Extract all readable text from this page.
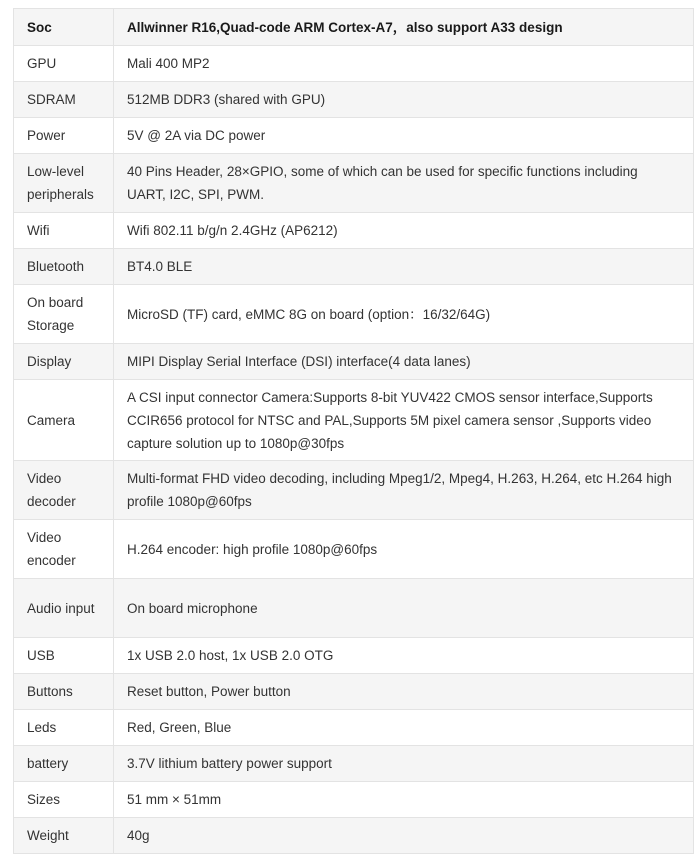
Soc	Allwinner R16,Quad-code ARM Cortex-A7，also support A33 design
GPU	Mali 400 MP2
SDRAM	512MB DDR3 (shared with GPU)
Power	5V @ 2A via DC power
Low-level peripherals	40 Pins Header, 28×GPIO, some of which can be used for specific functions including UART, I2C, SPI, PWM.
Wifi	Wifi 802.11 b/g/n 2.4GHz (AP6212)
Bluetooth	BT4.0 BLE
On board Storage	MicroSD (TF) card, eMMC 8G on board (option：16/32/64G)
Display	MIPI Display Serial Interface (DSI) interface(4 data lanes)
Camera	A CSI input connector Camera:Supports 8-bit YUV422 CMOS sensor interface,Supports CCIR656 protocol for NTSC and PAL,Supports 5M pixel camera sensor ,Supports video capture solution up to 1080p@30fps
Video decoder	Multi-format FHD video decoding, including Mpeg1/2, Mpeg4, H.263, H.264, etc H.264 high profile 1080p@60fps
Video encoder	H.264 encoder: high profile 1080p@60fps
Audio input	On board microphone
USB	1x USB 2.0 host, 1x USB 2.0 OTG
Buttons	Reset button, Power button
Leds	Red, Green, Blue
battery	3.7V lithium battery power support
Sizes	51 mm × 51mm
Weight	40g
